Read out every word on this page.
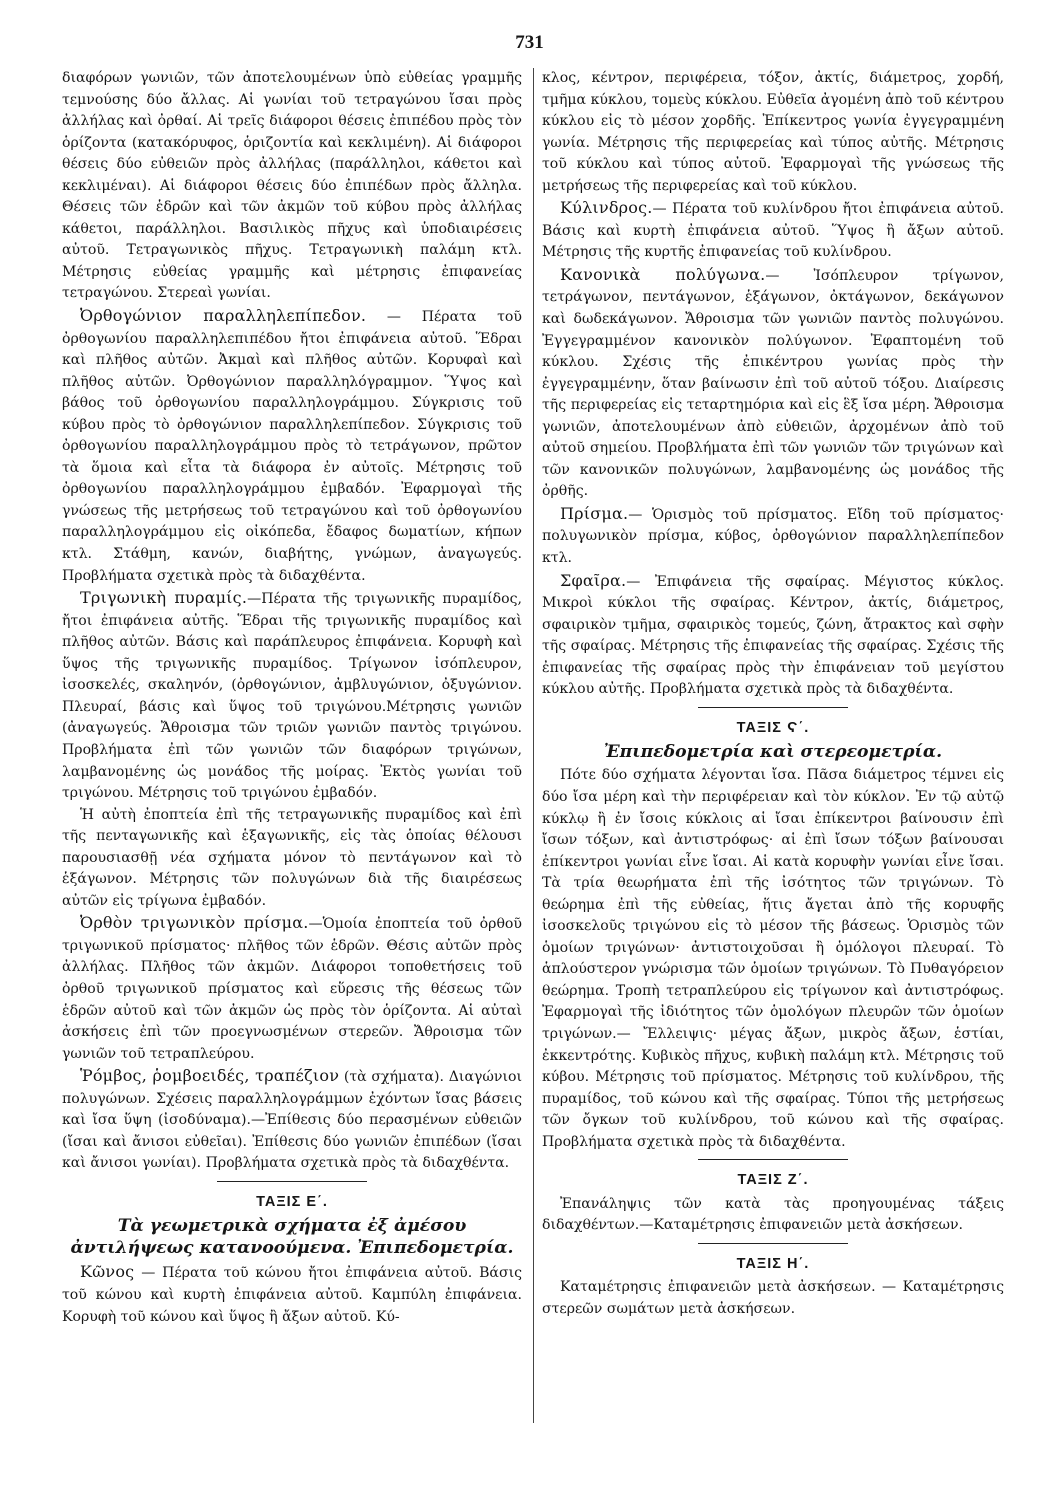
731

διαφόρων γωνιῶν, τῶν ἀποτελουμένων ὑπὸ εὐθείας γραμμῆς τεμνούσης δύο ἄλλας. Αἱ γωνίαι τοῦ τετραγώνου ἴσαι πρὸς ἀλλήλας καὶ ὀρθαί. Αἱ τρεῖς διάφοροι θέσεις ἐπιπέδου πρὸς τὸν ὁρίζοντα (κατακόρυφος, ὁριζοντία καὶ κεκλιμένη). Αἱ διάφοροι θέσεις δύο εὐθειῶν πρὸς ἀλλήλας (παράλληλοι, κάθετοι καὶ κεκλιμέναι). Αἱ διάφοροι θέσεις δύο ἐπιπέδων πρὸς ἄλληλα. Θέσεις τῶν ἑδρῶν καὶ τῶν ἀκμῶν τοῦ κύβου πρὸς ἀλλήλας κάθετοι, παράλληλοι. Βασιλικὸς πῆχυς καὶ ὑποδιαιρέσεις αὐτοῦ. Τετραγωνικὸς πῆχυς. Τετραγωνικὴ παλάμη κτλ. Μέτρησις εὐθείας γραμμῆς καὶ μέτρησις ἐπιφανείας τετραγώνου. Στερεαὶ γωνίαι.

Ὀρθογώνιον παραλληλεπίπεδον. — Πέρατα τοῦ ὀρθογωνίου παραλληλεπιπέδου ἤτοι ἐπιφάνεια αὐτοῦ. Ἕδραι καὶ πλῆθος αὐτῶν. Ἀκμαὶ καὶ πλῆθος αὐτῶν. Κορυφαὶ καὶ πλῆθος αὐτῶν. Ὀρθογώνιον παραλληλόγραμμον. Ὕψος καὶ βάθος τοῦ ὀρθογωνίου παραλληλογράμμου. Σύγκρισις τοῦ κύβου πρὸς τὸ ὀρθογώνιον παραλληλεπίπεδον. Σύγκρισις τοῦ ὀρθογωνίου παραλληλογράμμου πρὸς τὸ τετράγωνον, πρῶτον τὰ ὅμοια καὶ εἶτα τὰ διάφορα ἐν αὐτοῖς. Μέτρησις τοῦ ὀρθογωνίου παραλληλογράμμου ἐμβαδόν. Ἐφαρμογαὶ τῆς γνώσεως τῆς μετρήσεως τοῦ τετραγώνου καὶ τοῦ ὀρθογωνίου παραλληλογράμμου εἰς οἰκόπεδα, ἔδαφος δωματίων, κήπων κτλ. Στάθμη, κανών, διαβήτης, γνώμων, ἀναγωγεύς. Προβλήματα σχετικὰ πρὸς τὰ διδαχθέντα.

Τριγωνικὴ πυραμίς.—Πέρατα τῆς τριγωνικῆς πυραμίδος, ἤτοι ἐπιφάνεια αὐτῆς. Ἕδραι τῆς τριγωνικῆς πυραμίδος καὶ πλῆθος αὐτῶν. Βάσις καὶ παράπλευρος ἐπιφάνεια. Κορυφὴ καὶ ὕψος τῆς τριγωνικῆς πυραμίδος. Τρίγωνον ἰσόπλευρον, ἰσοσκελές, σκαληνόν, (ὀρθογώνιον, ἀμβλυγώνιον, ὀξυγώνιον. Πλευραί, βάσις καὶ ὕψος τοῦ τριγώνου.Μέτρησις γωνιῶν (ἀναγωγεύς. Ἄθροισμα τῶν τριῶν γωνιῶν παντὸς τριγώνου. Προβλήματα ἐπὶ τῶν γωνιῶν τῶν διαφόρων τριγώνων, λαμβανομένης ὡς μονάδος τῆς μοίρας. Ἐκτὸς γωνίαι τοῦ τριγώνου. Μέτρησις τοῦ τριγώνου ἐμβαδόν.

Ἡ αὐτὴ ἐποπτεία ἐπὶ τῆς τετραγωνικῆς πυραμίδος καὶ ἐπὶ τῆς πενταγωνικῆς καὶ ἑξαγωνικῆς, εἰς τὰς ὁποίας θέλουσι παρουσιασθῇ νέα σχήματα μόνον τὸ πεντάγωνον καὶ τὸ ἑξάγωνον. Μέτρησις τῶν πολυγώνων διὰ τῆς διαιρέσεως αὐτῶν εἰς τρίγωνα ἐμβαδόν.

Ὀρθὸν τριγωνικὸν πρίσμα.—Ὁμοία ἐποπτεία τοῦ ὀρθοῦ τριγωνικοῦ πρίσματος· πλῆθος τῶν ἑδρῶν. Θέσις αὐτῶν πρὸς ἀλλήλας. Πλῆθος τῶν ἀκμῶν. Διάφοροι τοποθετήσεις τοῦ ὀρθοῦ τριγωνικοῦ πρίσματος καὶ εὕρεσις τῆς θέσεως τῶν ἑδρῶν αὐτοῦ καὶ τῶν ἀκμῶν ὡς πρὸς τὸν ὁρίζοντα. Αἱ αὐταὶ ἀσκήσεις ἐπὶ τῶν προεγνωσμένων στερεῶν. Ἄθροισμα τῶν γωνιῶν τοῦ τετραπλεύρου.

Ῥόμβος, ῥομβοειδές, τραπέζιον (τὰ σχήματα). Διαγώνιοι πολυγώνων. Σχέσεις παραλληλογράμμων ἐχόντων ἴσας βάσεις καὶ ἴσα ὕψη (ἰσοδύναμα).—Ἐπίθεσις δύο περασμένων εὐθειῶν (ἴσαι καὶ ἄνισοι εὐθεῖαι). Ἐπίθεσις δύο γωνιῶν ἐπιπέδων (ἴσαι καὶ ἄνισοι γωνίαι). Προβλήματα σχετικὰ πρὸς τὰ διδαχθέντα.

ΤΑΞΙΣ Ε΄.
Τὰ γεωμετρικὰ σχήματα ἐξ ἀμέσου ἀντιλήψεως κατανοούμενα. Ἐπιπεδομετρία.

Κῶνος — Πέρατα τοῦ κώνου ἤτοι ἐπιφάνεια αὐτοῦ. Βάσις τοῦ κώνου καὶ κυρτὴ ἐπιφάνεια αὐτοῦ. Καμπύλη ἐπιφάνεια. Κορυφὴ τοῦ κώνου καὶ ὕψος ἢ ἄξων αὐτοῦ. Κύ-

κλος, κέντρον, περιφέρεια, τόξον, ἀκτίς, διάμετρος, χορδή, τμῆμα κύκλου, τομεὺς κύκλου. Εὐθεῖα ἀγομένη ἀπὸ τοῦ κέντρου κύκλου εἰς τὸ μέσον χορδῆς. Ἐπίκεντρος γωνία ἐγγεγραμμένη γωνία. Μέτρησις τῆς περιφερείας καὶ τύπος αὐτῆς. Μέτρησις τοῦ κύκλου καὶ τύπος αὐτοῦ. Ἐφαρμογαὶ τῆς γνώσεως τῆς μετρήσεως τῆς περιφερείας καὶ τοῦ κύκλου.

Κύλινδρος.— Πέρατα τοῦ κυλίνδρου ἤτοι ἐπιφάνεια αὐτοῦ. Βάσις καὶ κυρτὴ ἐπιφάνεια αὐτοῦ. Ὕψος ἢ ἄξων αὐτοῦ. Μέτρησις τῆς κυρτῆς ἐπιφανείας τοῦ κυλίνδρου.

Κανονικὰ πολύγωνα.— Ἰσόπλευρον τρίγωνον, τετράγωνον, πεντάγωνον, ἑξάγωνον, ὀκτάγωνον, δεκάγωνον καὶ δωδεκάγωνον. Ἄθροισμα τῶν γωνιῶν παντὸς πολυγώνου. Ἐγγεγραμμένον κανονικὸν πολύγωνον. Ἐφαπτομένη τοῦ κύκλου. Σχέσις τῆς ἐπικέντρου γωνίας πρὸς τὴν ἐγγεγραμμένην, ὅταν βαίνωσιν ἐπὶ τοῦ αὐτοῦ τόξου. Διαίρεσις τῆς περιφερείας εἰς τεταρτημόρια καὶ εἰς ἓξ ἴσα μέρη. Ἄθροισμα γωνιῶν, ἀποτελουμένων ἀπὸ εὐθειῶν, ἀρχομένων ἀπὸ τοῦ αὐτοῦ σημείου. Προβλήματα ἐπὶ τῶν γωνιῶν τῶν τριγώνων καὶ τῶν κανονικῶν πολυγώνων, λαμβανομένης ὡς μονάδος τῆς ὀρθῆς.

Πρίσμα.— Ὁρισμὸς τοῦ πρίσματος. Εἴδη τοῦ πρίσματος· πολυγωνικὸν πρίσμα, κύβος, ὀρθογώνιον παραλληλεπίπεδον κτλ.

Σφαῖρα.— Ἐπιφάνεια τῆς σφαίρας. Μέγιστος κύκλος. Μικροὶ κύκλοι τῆς σφαίρας. Κέντρον, ἀκτίς, διάμετρος, σφαιρικὸν τμῆμα, σφαιρικὸς τομεύς, ζώνη, ἄτρακτος καὶ σφὴν τῆς σφαίρας. Μέτρησις τῆς ἐπιφανείας τῆς σφαίρας. Σχέσις τῆς ἐπιφανείας τῆς σφαίρας πρὸς τὴν ἐπιφάνειαν τοῦ μεγίστου κύκλου αὐτῆς. Προβλήματα σχετικὰ πρὸς τὰ διδαχθέντα.

ΤΑΞΙΣ Ϛ΄.
Ἐπιπεδομετρία καὶ στερεομετρία.

Πότε δύο σχήματα λέγονται ἴσα. Πᾶσα διάμετρος τέμνει εἰς δύο ἴσα μέρη καὶ τὴν περιφέρειαν καὶ τὸν κύκλον. Ἐν τῷ αὐτῷ κύκλῳ ἢ ἐν ἴσοις κύκλοις αἱ ἴσαι ἐπίκεντροι βαίνουσιν ἐπὶ ἴσων τόξων, καὶ ἀντιστρόφως· αἱ ἐπὶ ἴσων τόξων βαίνουσαι ἐπίκεντροι γωνίαι εἶνε ἴσαι. Αἱ κατὰ κορυφὴν γωνίαι εἶνε ἴσαι. Τὰ τρία θεωρήματα ἐπὶ τῆς ἰσότητος τῶν τριγώνων. Τὸ θεώρημα ἐπὶ τῆς εὐθείας, ἥτις ἄγεται ἀπὸ τῆς κορυφῆς ἰσοσκελοῦς τριγώνου εἰς τὸ μέσον τῆς βάσεως. Ὁρισμὸς τῶν ὁμοίων τριγώνων· ἀντιστοιχοῦσαι ἢ ὁμόλογοι πλευραί. Τὸ ἁπλούστερον γνώρισμα τῶν ὁμοίων τριγώνων. Τὸ Πυθαγόρειον θεώρημα. Τροπὴ τετραπλεύρου εἰς τρίγωνον καὶ ἀντιστρόφως. Ἐφαρμογαὶ τῆς ἰδιότητος τῶν ὁμολόγων πλευρῶν τῶν ὁμοίων τριγώνων.— Ἔλλειψις· μέγας ἄξων, μικρὸς ἄξων, ἑστίαι, ἐκκεντρότης. Κυβικὸς πῆχυς, κυβικὴ παλάμη κτλ. Μέτρησις τοῦ κύβου. Μέτρησις τοῦ πρίσματος. Μέτρησις τοῦ κυλίνδρου, τῆς πυραμίδος, τοῦ κώνου καὶ τῆς σφαίρας. Τύποι τῆς μετρήσεως τῶν ὄγκων τοῦ κυλίνδρου, τοῦ κώνου καὶ τῆς σφαίρας. Προβλήματα σχετικὰ πρὸς τὰ διδαχθέντα.

ΤΑΞΙΣ Ζ΄.

Ἐπανάληψις τῶν κατὰ τὰς προηγουμένας τάξεις διδαχθέντων.—Καταμέτρησις ἐπιφανειῶν μετὰ ἀσκήσεων.

ΤΑΞΙΣ Η΄.

Καταμέτρησις ἐπιφανειῶν μετὰ ἀσκήσεων. — Καταμέτρησις στερεῶν σωμάτων μετὰ ἀσκήσεων.
